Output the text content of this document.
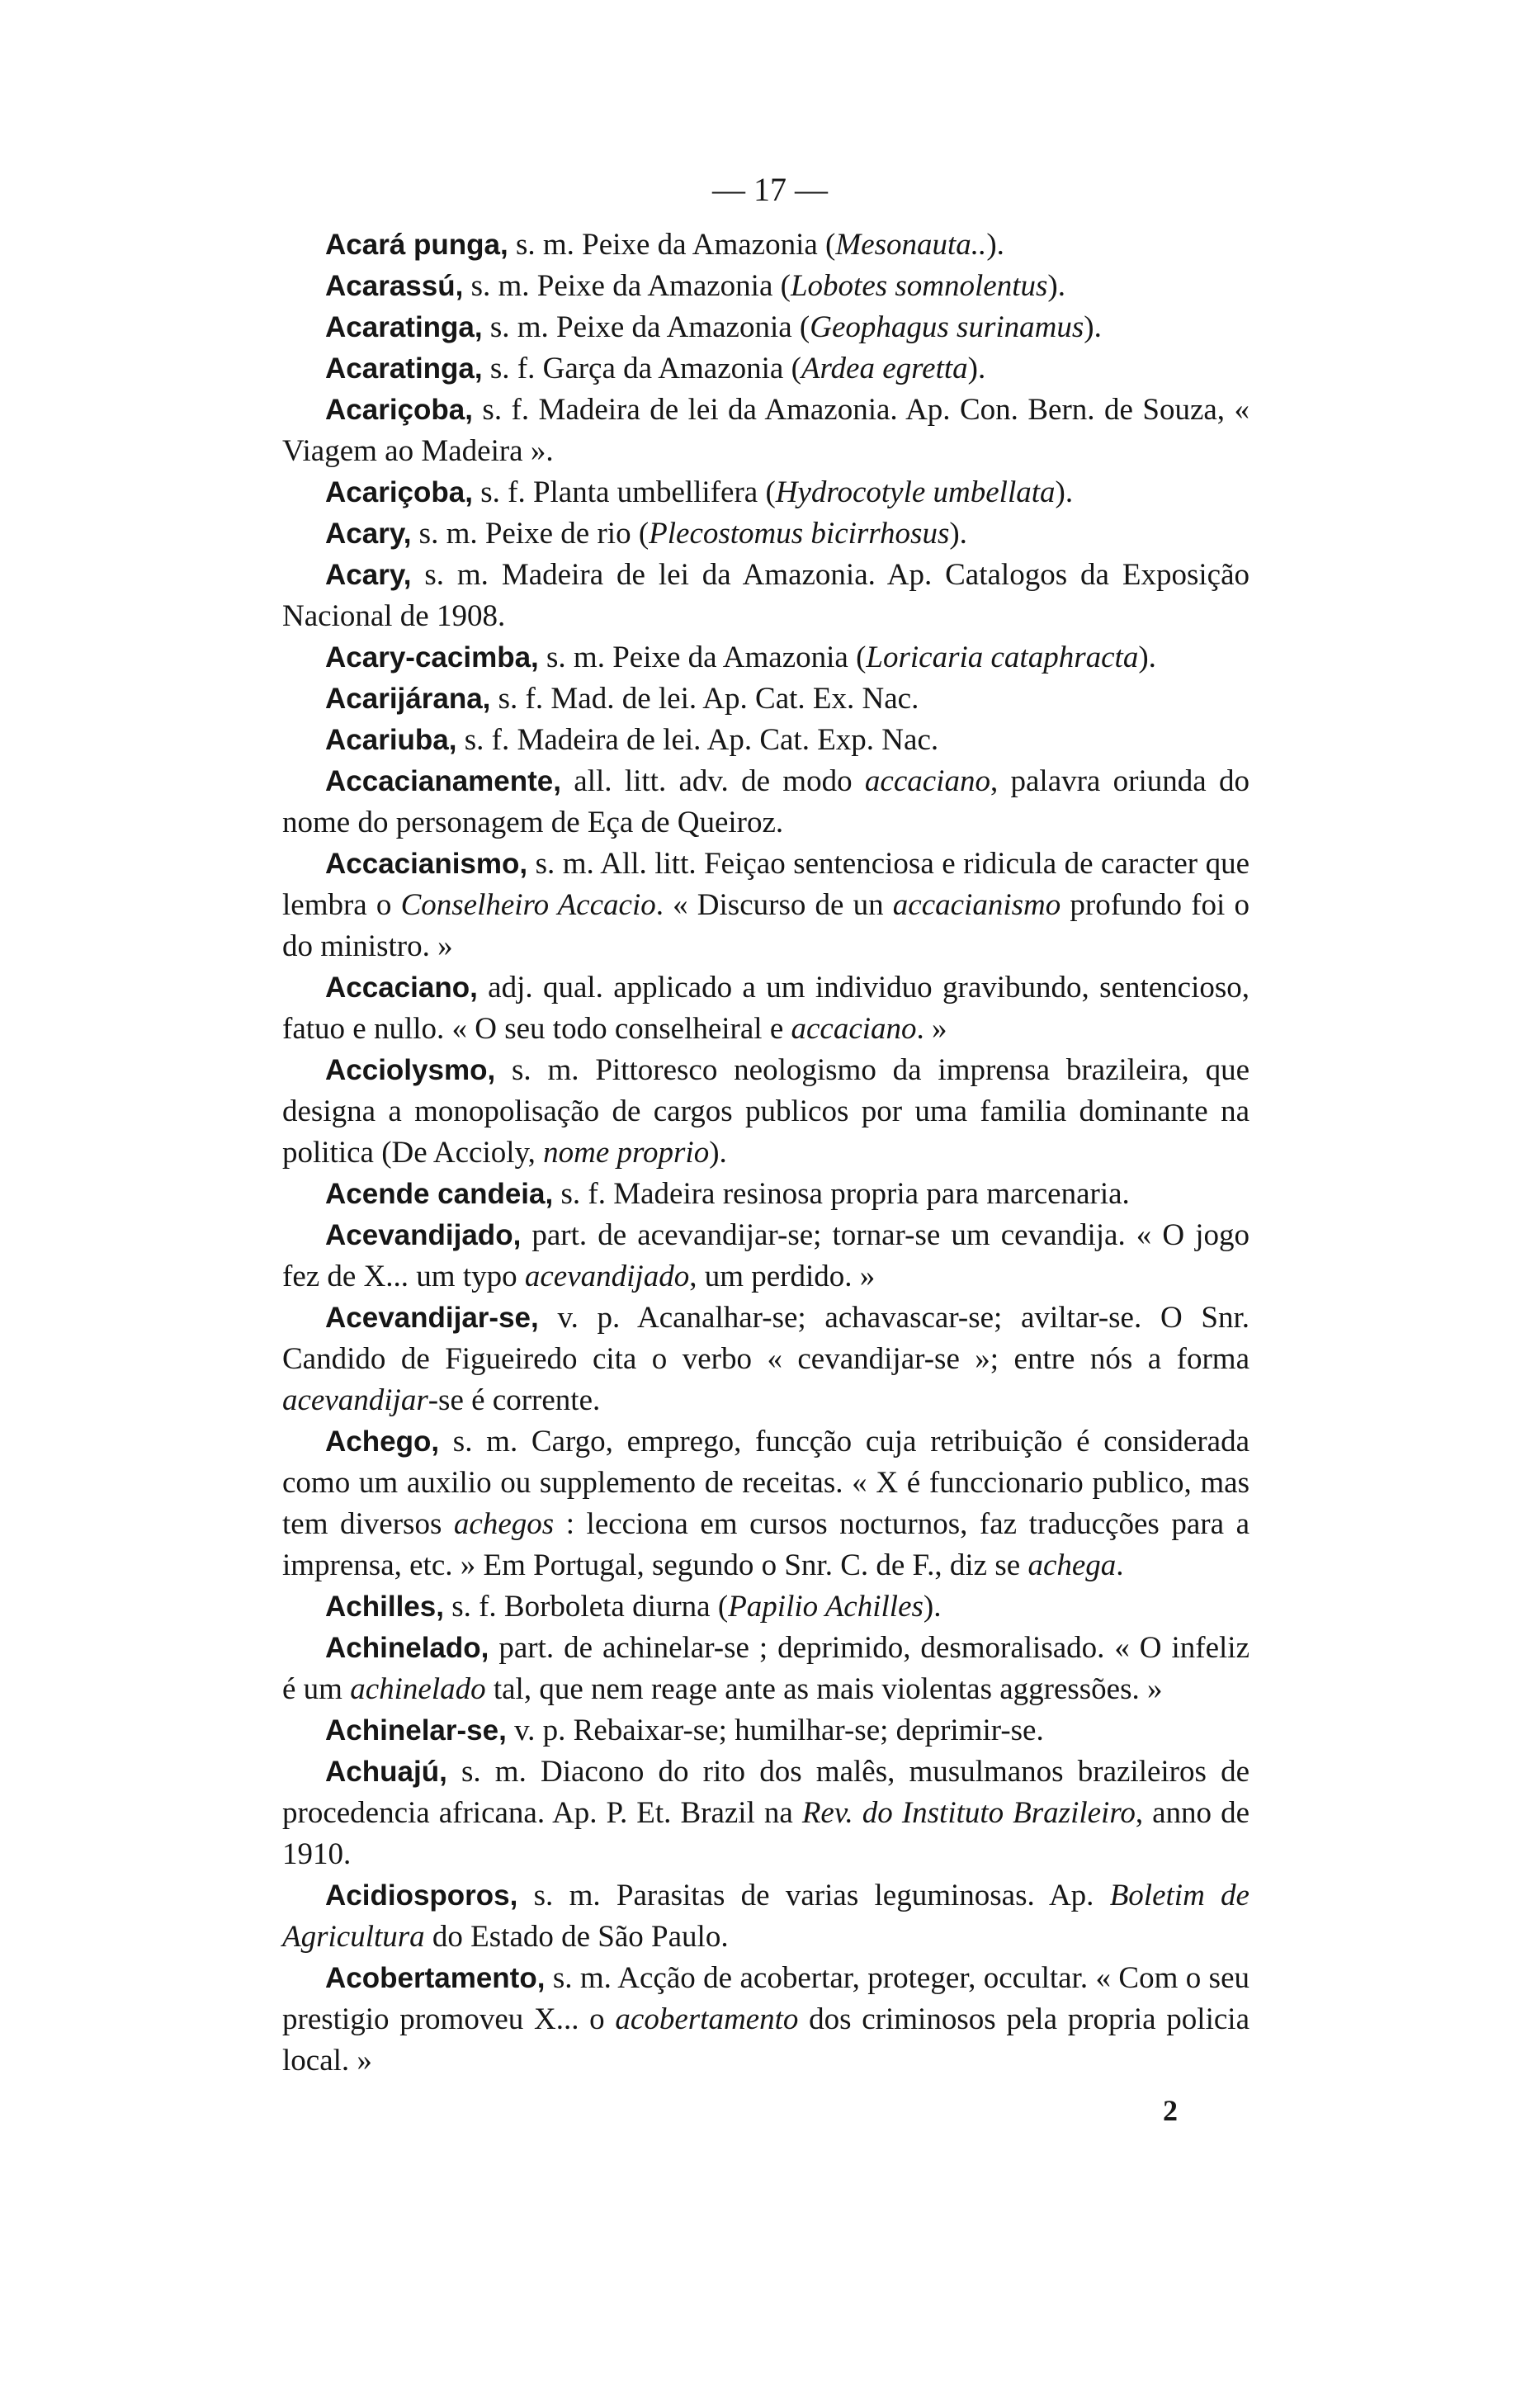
— 17 —

Acará punga, s. m. Peixe da Amazonia (Mesonauta..).

Acarassú, s. m. Peixe da Amazonia (Lobotes somnolentus).

Acaratinga, s. m. Peixe da Amazonia (Geophagus surinamus).

Acaratinga, s. f. Garça da Amazonia (Ardea egretta).

Acariçoba, s. f. Madeira de lei da Amazonia. Ap. Con. Bern. de Souza, « Viagem ao Madeira ».

Acariçoba, s. f. Planta umbellifera (Hydrocotyle umbellata).

Acary, s. m. Peixe de rio (Plecostomus bicirrhosus).

Acary, s. m. Madeira de lei da Amazonia. Ap. Catalogos da Exposição Nacional de 1908.

Acary-cacimba, s. m. Peixe da Amazonia (Loricaria cataphracta).

Acarijárana, s. f. Mad. de lei. Ap. Cat. Ex. Nac.

Acariuba, s. f. Madeira de lei. Ap. Cat. Exp. Nac.

Accacianamente, all. litt. adv. de modo accaciano, palavra oriunda do nome do personagem de Eça de Queiroz.

Accacianismo, s. m. All. litt. Feiçao sentenciosa e ridicula de caracter que lembra o Conselheiro Accacio. « Discurso de un accacianismo profundo foi o do ministro. »

Accaciano, adj. qual. applicado a um individuo gravibundo, sentencioso, fatuo e nullo. « O seu todo conselheiral e accaciano. »

Acciolysmo, s. m. Pittoresco neologismo da imprensa brazileira, que designa a monopolisação de cargos publicos por uma familia dominante na politica (De Accioly, nome proprio).

Acende candeia, s. f. Madeira resinosa propria para marcenaria.

Acevandijado, part. de acevandijar-se; tornar-se um cevandija. « O jogo fez de X... um typo acevandijado, um perdido. »

Acevandijar-se, v. p. Acanalhar-se; achavascar-se; aviltar-se. O Snr. Candido de Figueiredo cita o verbo « cevandijar-se »; entre nós a forma acevandijar-se é corrente.

Achego, s. m. Cargo, emprego, funcção cuja retribuição é considerada como um auxilio ou supplemento de receitas. « X é funccionario publico, mas tem diversos achegos : lecciona em cursos nocturnos, faz traducções para a imprensa, etc. » Em Portugal, segundo o Snr. C. de F., diz se achega.

Achilles, s. f. Borboleta diurna (Papilio Achilles).

Achinelado, part. de achinelar-se ; deprimido, desmoralisado. « O infeliz é um achinelado tal, que nem reage ante as mais violentas aggressões. »

Achinelar-se, v. p. Rebaixar-se; humilhar-se; deprimir-se.

Achuajú, s. m. Diacono do rito dos malês, musulmanos brazileiros de procedencia africana. Ap. P. Et. Brazil na Rev. do Instituto Brazileiro, anno de 1910.

Acidiosporos, s. m. Parasitas de varias leguminosas. Ap. Boletim de Agricultura do Estado de São Paulo.

Acobertamento, s. m. Acção de acobertar, proteger, occultar. « Com o seu prestigio promoveu X... o acobertamento dos criminosos pela propria policia local. »

2
